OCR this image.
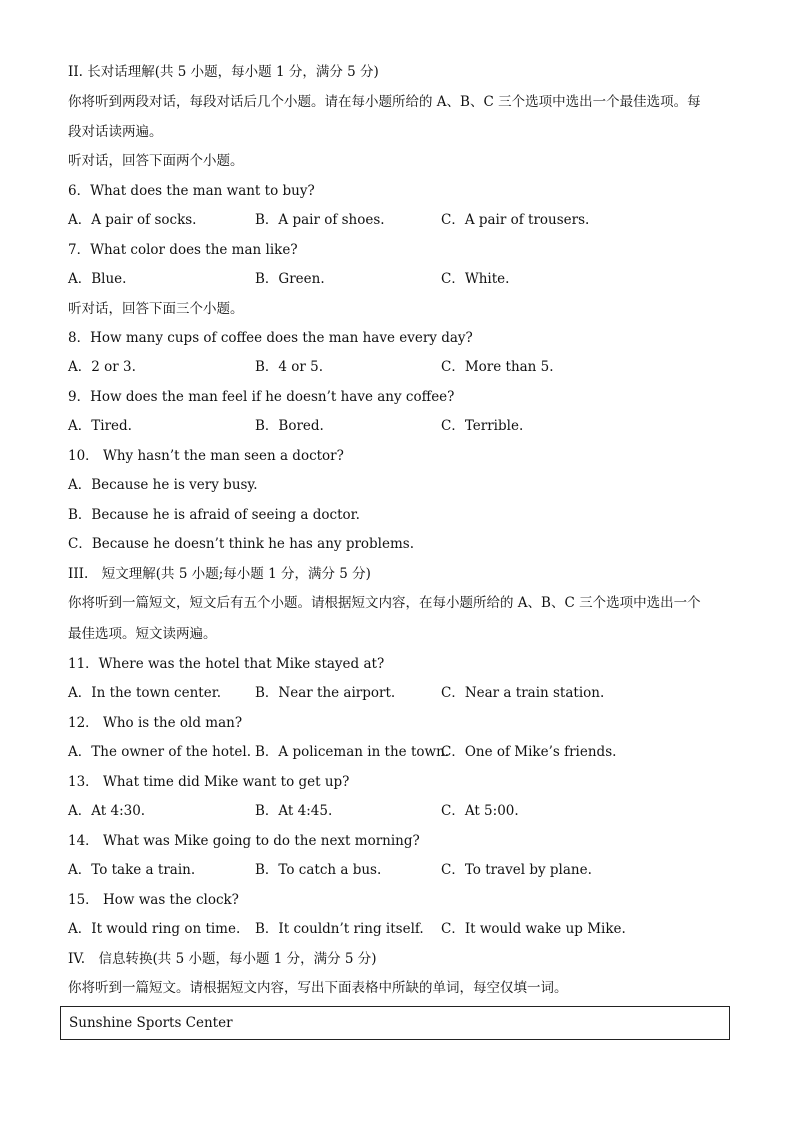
II. 长对话理解(共 5 小题，每小题 1 分，满分 5 分)
你将听到两段对话，每段对话后几个小题。请在每小题所给的 A、B、C 三个选项中选出一个最佳选项。每
段对话读两遍。
听对话，回答下面两个小题。
6．What does the man want to buy?
A．A pair of socks.	B．A pair of shoes.	C．A pair of trousers.
7．What color does the man like?
A．Blue.	B．Green.	C．White.
听对话，回答下面三个小题。
8．How many cups of coffee does the man have every day?
A．2 or 3.	B．4 or 5.	C．More than 5.
9．How does the man feel if he doesn’t have any coffee?
A．Tired.	B．Bored.	C．Terrible.
10． Why hasn’t the man seen a doctor?
A．Because he is very busy.
B．Because he is afraid of seeing a doctor.
C．Because he doesn’t think he has any problems.
III.　短文理解(共 5 小题;每小题 1 分，满分 5 分)
你将听到一篇短文，短文后有五个小题。请根据短文内容，在每小题所给的 A、B、C 三个选项中选出一个
最佳选项。短文读两遍。
11．Where was the hotel that Mike stayed at?
A．In the town center.	B．Near the airport.	C．Near a train station.
12． Who is the old man?
A．The owner of the hotel. B．A policeman in the town.
C．One of Mike’s friends.
13． What time did Mike want to get up?
A．At 4:30.	B．At 4:45.	C．At 5:00.
14． What was Mike going to do the next morning?
A．To take a train.	B．To catch a bus.	C．To travel by plane.
15． How was the clock?
A．It would ring on time. B．It couldn’t ring itself. C．It would wake up Mike.
IV.　信息转换(共 5 小题，每小题 1 分，满分 5 分)
你将听到一篇短文。请根据短文内容，写出下面表格中所缺的单词，每空仅填一词。
Sunshine Sports Center
